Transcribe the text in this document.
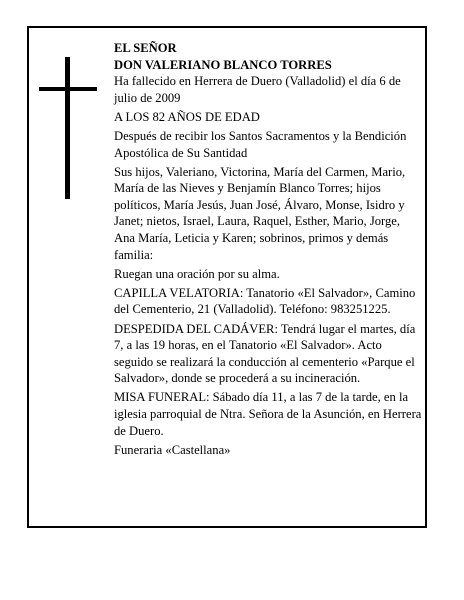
EL SEÑOR

DON VALERIANO BLANCO TORRES

Ha fallecido en Herrera de Duero (Valladolid) el día 6 de julio de 2009

A LOS 82 AÑOS DE EDAD

Después de recibir los Santos Sacramentos y la Bendición Apostólica de Su Santidad

Sus hijos, Valeriano, Victorina, María del Carmen, Mario, María de las Nieves y Benjamín Blanco Torres; hijos políticos, María Jesús, Juan José, Álvaro, Monse, Isidro y Janet; nietos, Israel, Laura, Raquel, Esther, Mario, Jorge, Ana María, Leticia y Karen; sobrinos, primos y demás familia:

Ruegan una oración por su alma.

CAPILLA VELATORIA: Tanatorio «El Salvador», Camino del Cementerio, 21 (Valladolid). Teléfono: 983251225.

DESPEDIDA DEL CADÁVER: Tendrá lugar el martes, día 7, a las 19 horas, en el Tanatorio «El Salvador». Acto seguido se realizará la conducción al cementerio «Parque el Salvador», donde se procederá a su incineración.

MISA FUNERAL: Sábado día 11, a las 7 de la tarde, en la iglesia parroquial de Ntra. Señora de la Asunción, en Herrera de Duero.

Funeraria «Castellana»
